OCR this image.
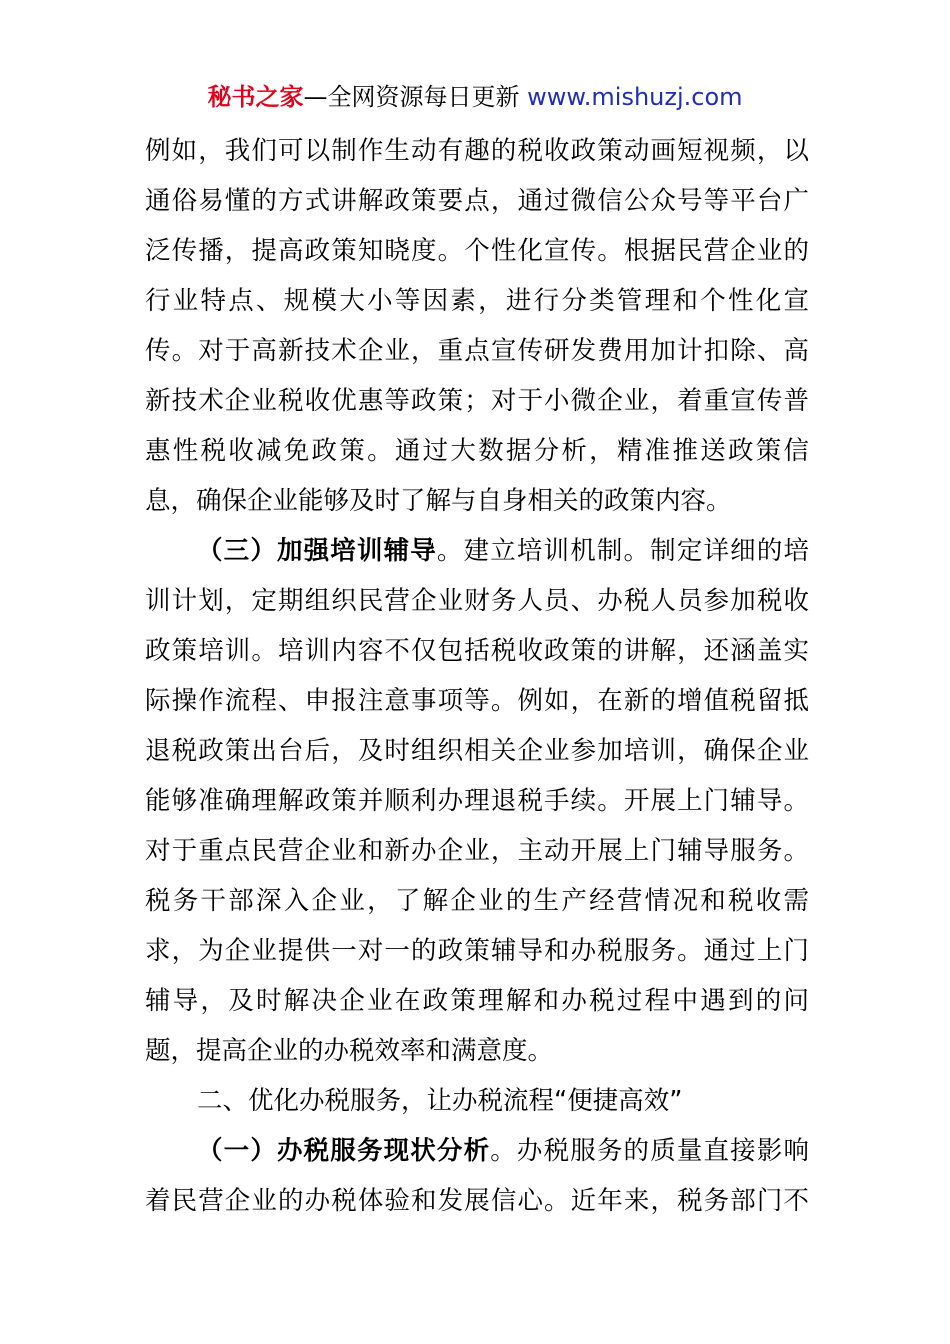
秘书之家—全网资源每日更新 www.mishuzj.com

例如，我们可以制作生动有趣的税收政策动画短视频，以

通俗易懂的方式讲解政策要点，通过微信公众号等平台广

泛传播，提高政策知晓度。个性化宣传。根据民营企业的

行业特点、规模大小等因素，进行分类管理和个性化宣

传。对于高新技术企业，重点宣传研发费用加计扣除、高

新技术企业税收优惠等政策；对于小微企业，着重宣传普

惠性税收减免政策。通过大数据分析，精准推送政策信

息，确保企业能够及时了解与自身相关的政策内容。

（三）加强培训辅导。建立培训机制。制定详细的培

训计划，定期组织民营企业财务人员、办税人员参加税收

政策培训。培训内容不仅包括税收政策的讲解，还涵盖实

际操作流程、申报注意事项等。例如，在新的增值税留抵

退税政策出台后，及时组织相关企业参加培训，确保企业

能够准确理解政策并顺利办理退税手续。开展上门辅导。

对于重点民营企业和新办企业，主动开展上门辅导服务。

税务干部深入企业，了解企业的生产经营情况和税收需

求，为企业提供一对一的政策辅导和办税服务。通过上门

辅导，及时解决企业在政策理解和办税过程中遇到的问

题，提高企业的办税效率和满意度。

二、优化办税服务，让办税流程“便捷高效”

（一）办税服务现状分析。办税服务的质量直接影响

着民营企业的办税体验和发展信心。近年来，税务部门不
